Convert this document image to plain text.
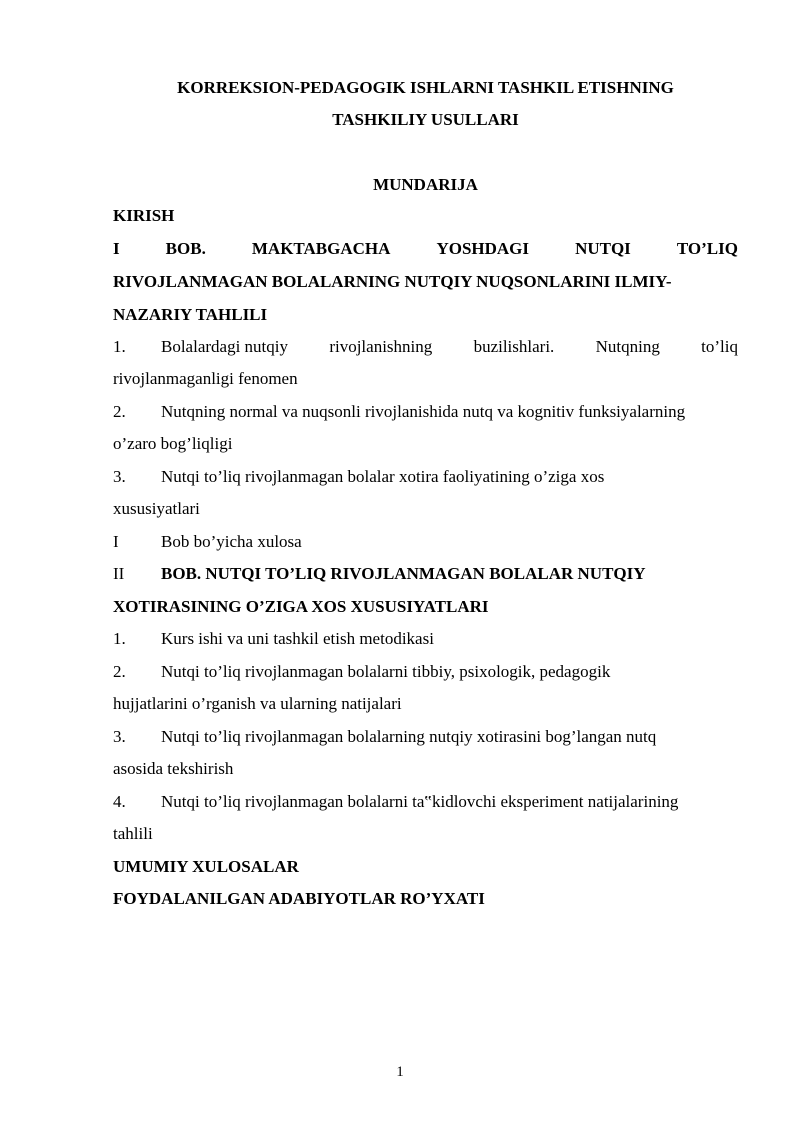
KORREKSION-PEDAGOGIK ISHLARNI TASHKIL ETISHNING
TASHKILIY USULLARI
MUNDARIJA
KIRISH
I	BOB.	MAKTABGACHA	YOSHDAGI	NUTQI	TO’LIQ
RIVOJLANMAGAN BOLALARNING NUTQIY NUQSONLARINI ILMIY-
NAZARIY TAHLILI
1. Bolalardagi nutqiy rivojlanishning buzilishlari. Nutqning to’liq
rivojlanmaganligi fenomen
2. Nutqning normal va nuqsonli rivojlanishida nutq va kognitiv funksiyalarning
o’zaro bog’liqligi
3. Nutqi to’liq rivojlanmagan bolalar xotira faoliyatining o’ziga xos
xususiyatlari
I Bob bo’yicha xulosa
II BOB. NUTQI TO’LIQ RIVOJLANMAGAN BOLALAR NUTQIY
XOTIRASINING O’ZIGA XOS XUSUSIYATLARI
1. Kurs ishi va uni tashkil etish metodikasi
2. Nutqi to’liq rivojlanmagan bolalarni tibbiy, psixologik, pedagogik
hujjatlarini o’rganish va ularning natijalari
3. Nutqi to’liq rivojlanmagan bolalarning nutqiy xotirasini bog’langan nutq
asosida tekshirish
4. Nutqi to’liq rivojlanmagan bolalarni ta‟kidlovchi eksperiment natijalarining
tahlili
UMUMIY XULOSALAR
FOYDALANILGAN ADABIYOTLAR RO’YXATI
1
